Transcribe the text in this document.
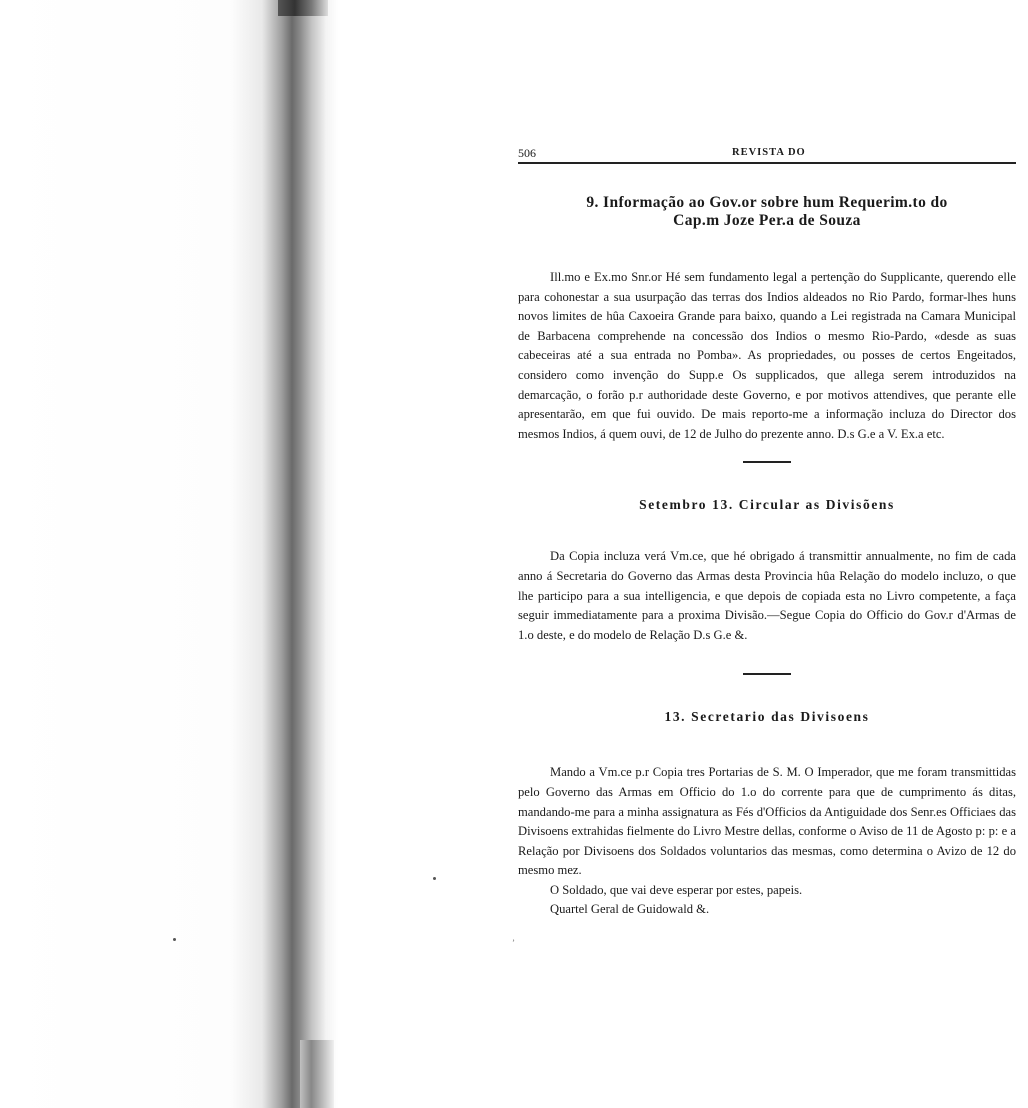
ʼ
506	REVISTA DO
9. Informação ao Gov.or sobre hum Requerim.to do
Cap.m Joze Per.a de Souza

Ill.mo e Ex.mo Snr.or Hé sem fundamento legal a pertenção do Supplicante, querendo elle para cohonestar a sua usurpação das terras dos Indios aldeados no Rio Pardo, formar-lhes huns novos limites de hûa Caxoeira Grande para baixo, quando a Lei registrada na Camara Municipal de Barbacena comprehende na concessão dos Indios o mesmo Rio-Pardo, «desde as suas cabeceiras até a sua entrada no Pomba». As propriedades, ou posses de certos Engeitados, considero como invenção do Supp.e Os supplicados, que allega serem introduzidos na demarcação, o forão p.r authoridade deste Governo, e por motivos attendives, que perante elle apresentarão, em que fui ouvido. De mais reporto-me a informação incluza do Director dos mesmos Indios, á quem ouvi, de 12 de Julho do prezente anno. D.s G.e a V. Ex.a etc.

Setembro 13. Circular as Divisõens

Da Copia incluza verá Vm.ce, que hé obrigado á transmittir annualmente, no fim de cada anno á Secretaria do Governo das Armas desta Provincia hûa Relação do modelo incluzo, o que lhe participo para a sua intelligencia, e que depois de copiada esta no Livro competente, a faça seguir immediatamente para a proxima Divisão.—Segue Copia do Officio do Gov.r d'Armas de 1.o deste, e do modelo de Relação D.s G.e &.

13. Secretario das Divisoens

Mando a Vm.ce p.r Copia tres Portarias de S. M. O Imperador, que me foram transmittidas pelo Governo das Armas em Officio do 1.o do corrente para que de cumprimento ás ditas, mandando-me para a minha assignatura as Fés d'Officios da Antiguidade dos Senr.es Officiaes das Divisoens extrahidas fielmente do Livro Mestre dellas, conforme o Aviso de 11 de Agosto p: p: e a Relação por Divisoens dos Soldados voluntarios das mesmas, como determina o Avizo de 12 do mesmo mez.

O Soldado, que vai deve esperar por estes, papeis.

Quartel Geral de Guidowald &.
